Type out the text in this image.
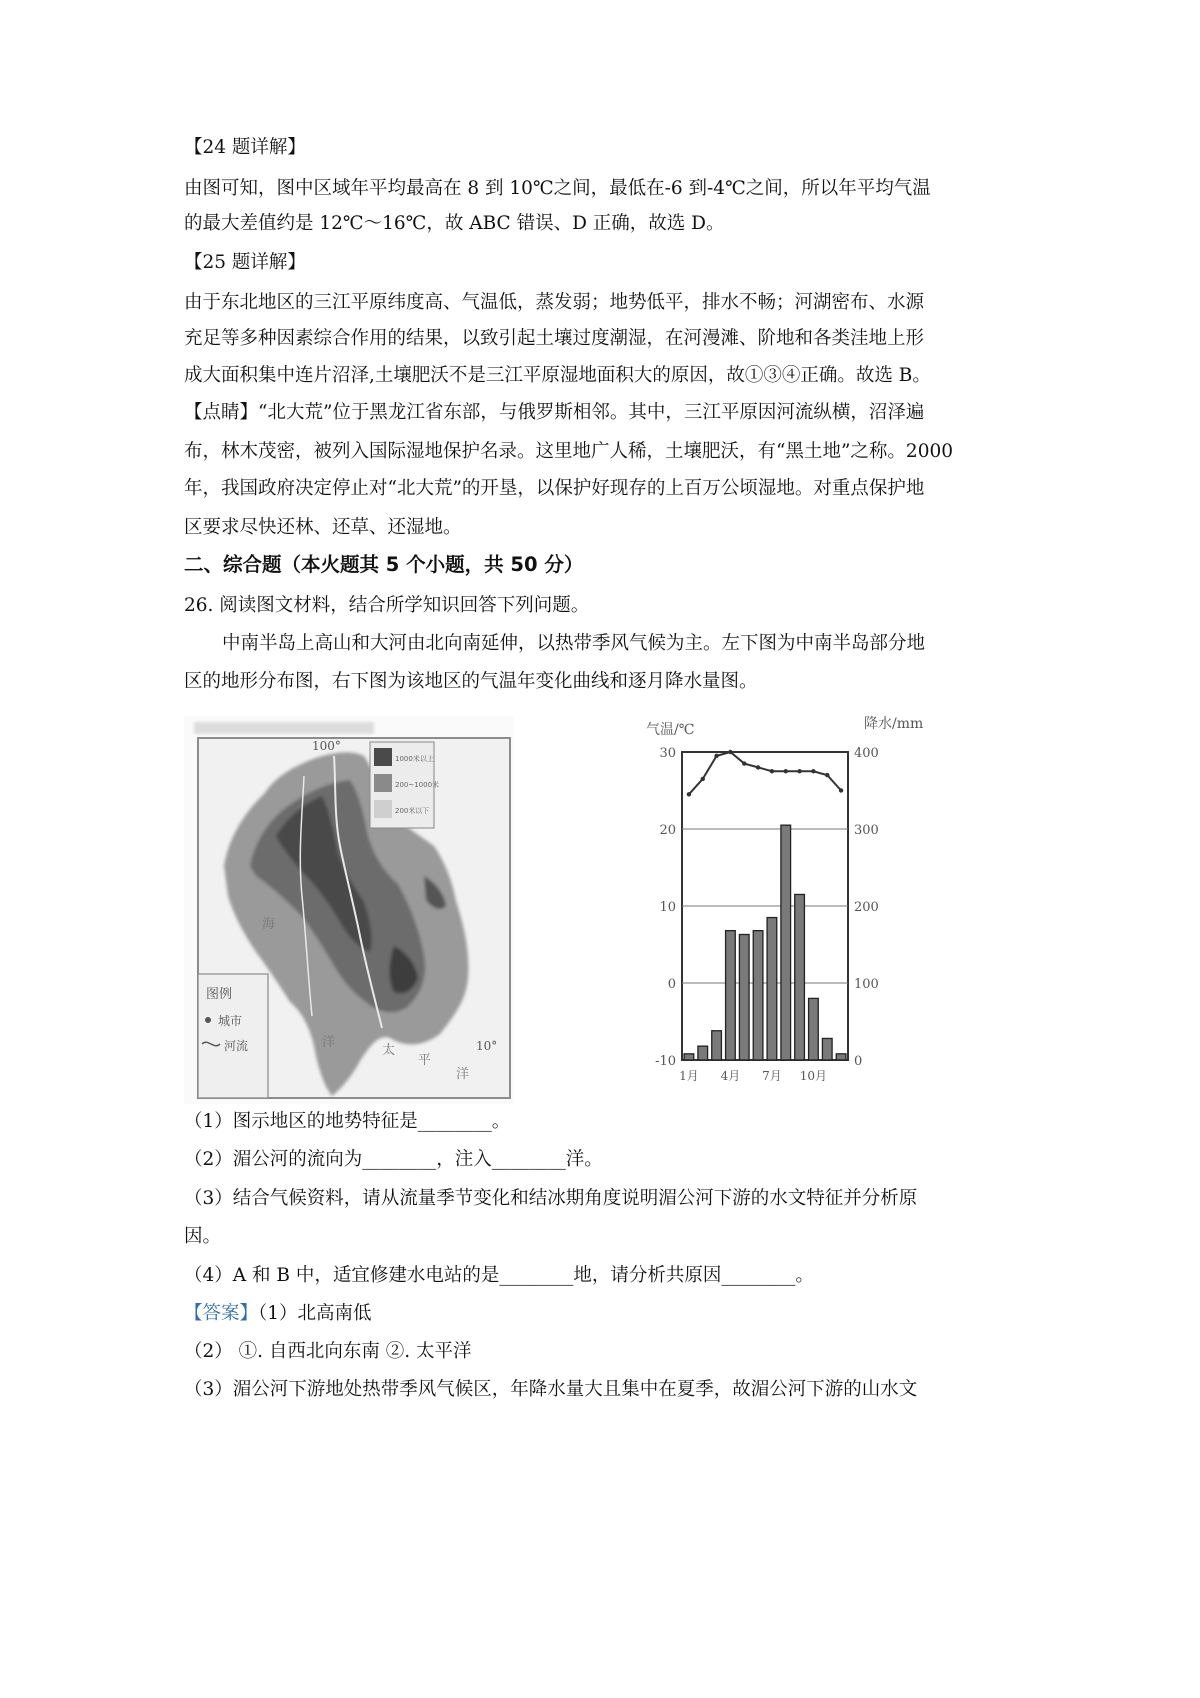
【24 题详解】
由图可知，图中区域年平均最高在 8 到 10℃之间，最低在-6 到-4℃之间，所以年平均气温
的最大差值约是 12℃～16℃，故 ABC 错误、D 正确，故选 D。
【25 题详解】
由于东北地区的三江平原纬度高、气温低，蒸发弱；地势低平，排水不畅；河湖密布、水源
充足等多种因素综合作用的结果，以致引起土壤过度潮湿，在河漫滩、阶地和各类洼地上形
成大面积集中连片沼泽,土壤肥沃不是三江平原湿地面积大的原因，故①③④正确。故选 B。
【点睛】“北大荒”位于黑龙江省东部，与俄罗斯相邻。其中，三江平原因河流纵横，沼泽遍
布，林木茂密，被列入国际湿地保护名录。这里地广人稀，土壤肥沃，有“黑土地”之称。2000
年，我国政府决定停止对“北大荒”的开垦，以保护好现存的上百万公顷湿地。对重点保护地
区要求尽快还林、还草、还湿地。
二、综合题（本火题其 5 个小题，共 50 分）
26. 阅读图文材料，结合所学知识回答下列问题。
中南半岛上高山和大河由北向南延伸，以热带季风气候为主。左下图为中南半岛部分地
区的地形分布图，右下图为该地区的气温年变化曲线和逐月降水量图。
100°
1000米以上
200~1000米
200米以下
图例
城市
河流
海
洋
太
平
洋
10°
气温/℃	降水/mm
30
20
10
0
-10
400
300
200
100
0
1月 4月 7月 10月
（1）图示地区的地势特征是________。
（2）湄公河的流向为________，注入________洋。
（3）结合气候资料，请从流量季节变化和结冰期角度说明湄公河下游的水文特征并分析原
因。
（4）A 和 B 中，适宜修建水电站的是________地，请分析共原因________。
【答案】（1）北高南低
（2） ①. 自西北向东南 ②. 太平洋
（3）湄公河下游地处热带季风气候区，年降水量大且集中在夏季，故湄公河下游的山水文
